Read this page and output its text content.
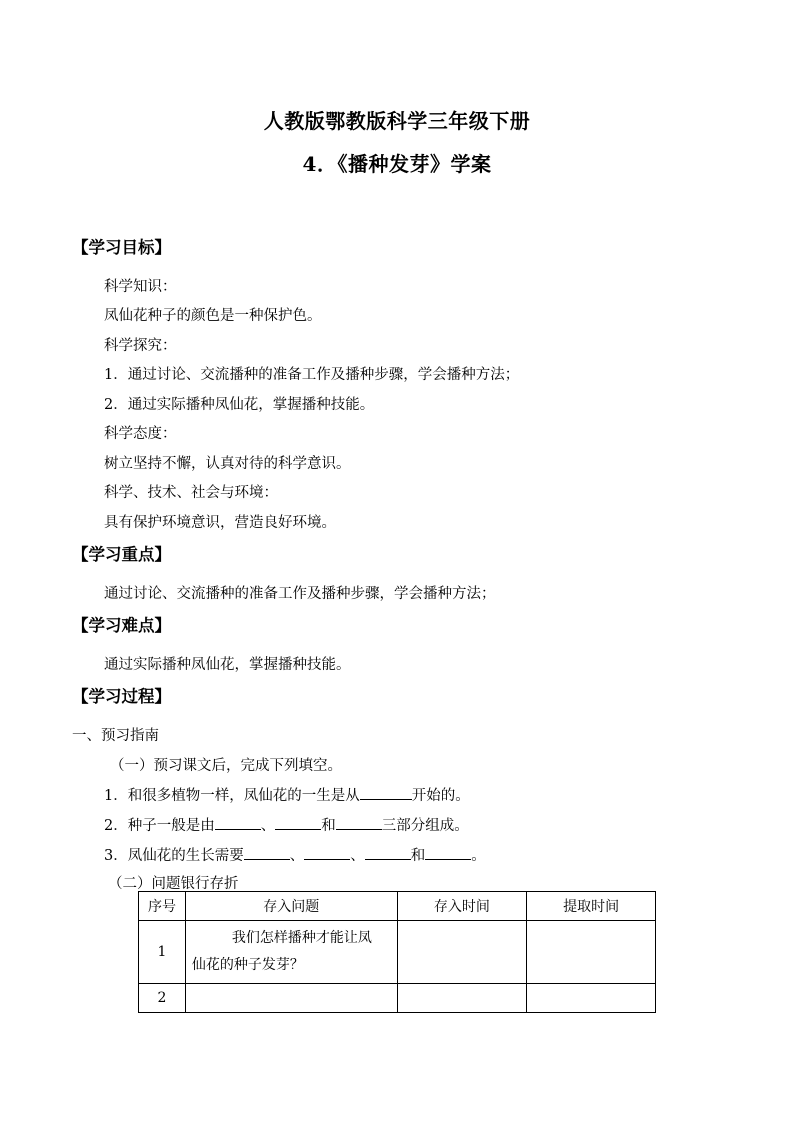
人教版鄂教版科学三年级下册
4．《播种发芽》学案
【学习目标】
科学知识：
凤仙花种子的颜色是一种保护色。
科学探究：
1．通过讨论、交流播种的准备工作及播种步骤，学会播种方法；
2．通过实际播种凤仙花，掌握播种技能。
科学态度：
树立坚持不懈，认真对待的科学意识。
科学、技术、社会与环境：
具有保护环境意识，营造良好环境。
【学习重点】
通过讨论、交流播种的准备工作及播种步骤，学会播种方法；
【学习难点】
通过实际播种凤仙花，掌握播种技能。
【学习过程】
一、预习指南
（一）预习课文后，完成下列填空。
1．和很多植物一样，凤仙花的一生是从	开始的。
2．种子一般是由	、	和	三部分组成。
3．凤仙花的生长需要	、	、	和	。
（二）问题银行存折
序号	存入问题	存入时间	提取时间
1	我们怎样播种才能让凤
仙花的种子发芽？		

2			
